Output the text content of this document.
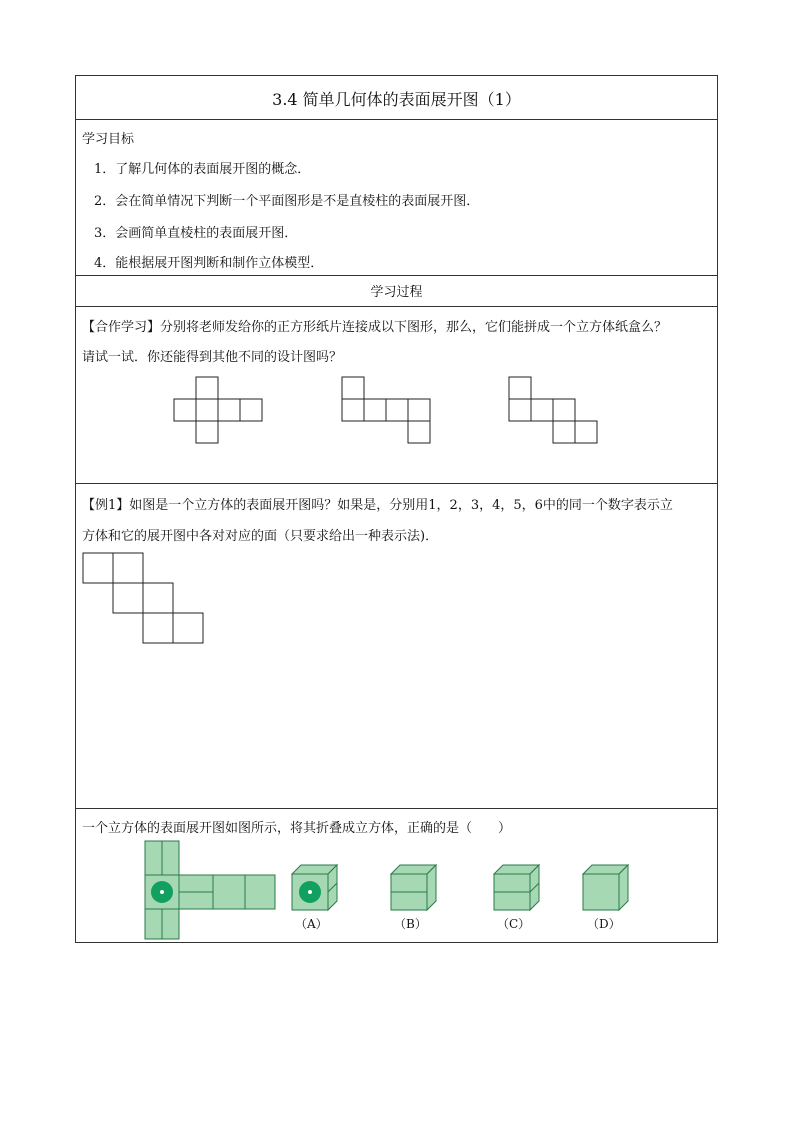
3.4 简单几何体的表面展开图（1）
学习目标
1．了解几何体的表面展开图的概念．
2．会在简单情况下判断一个平面图形是不是直棱柱的表面展开图．
3．会画简单直棱柱的表面展开图．
4．能根据展开图判断和制作立体模型．
学习过程
【合作学习】分别将老师发给你的正方形纸片连接成以下图形，那么，它们能拼成一个立方体纸盒么？
请试一试．你还能得到其他不同的设计图吗？
【例1】如图是一个立方体的表面展开图吗？如果是，分别用1，2，3，4，5，6中的同一个数字表示立
方体和它的展开图中各对对应的面（只要求给出一种表示法)．
一个立方体的表面展开图如图所示，将其折叠成立方体，正确的是（　　）
（A）	（B）	（C）	（D）
